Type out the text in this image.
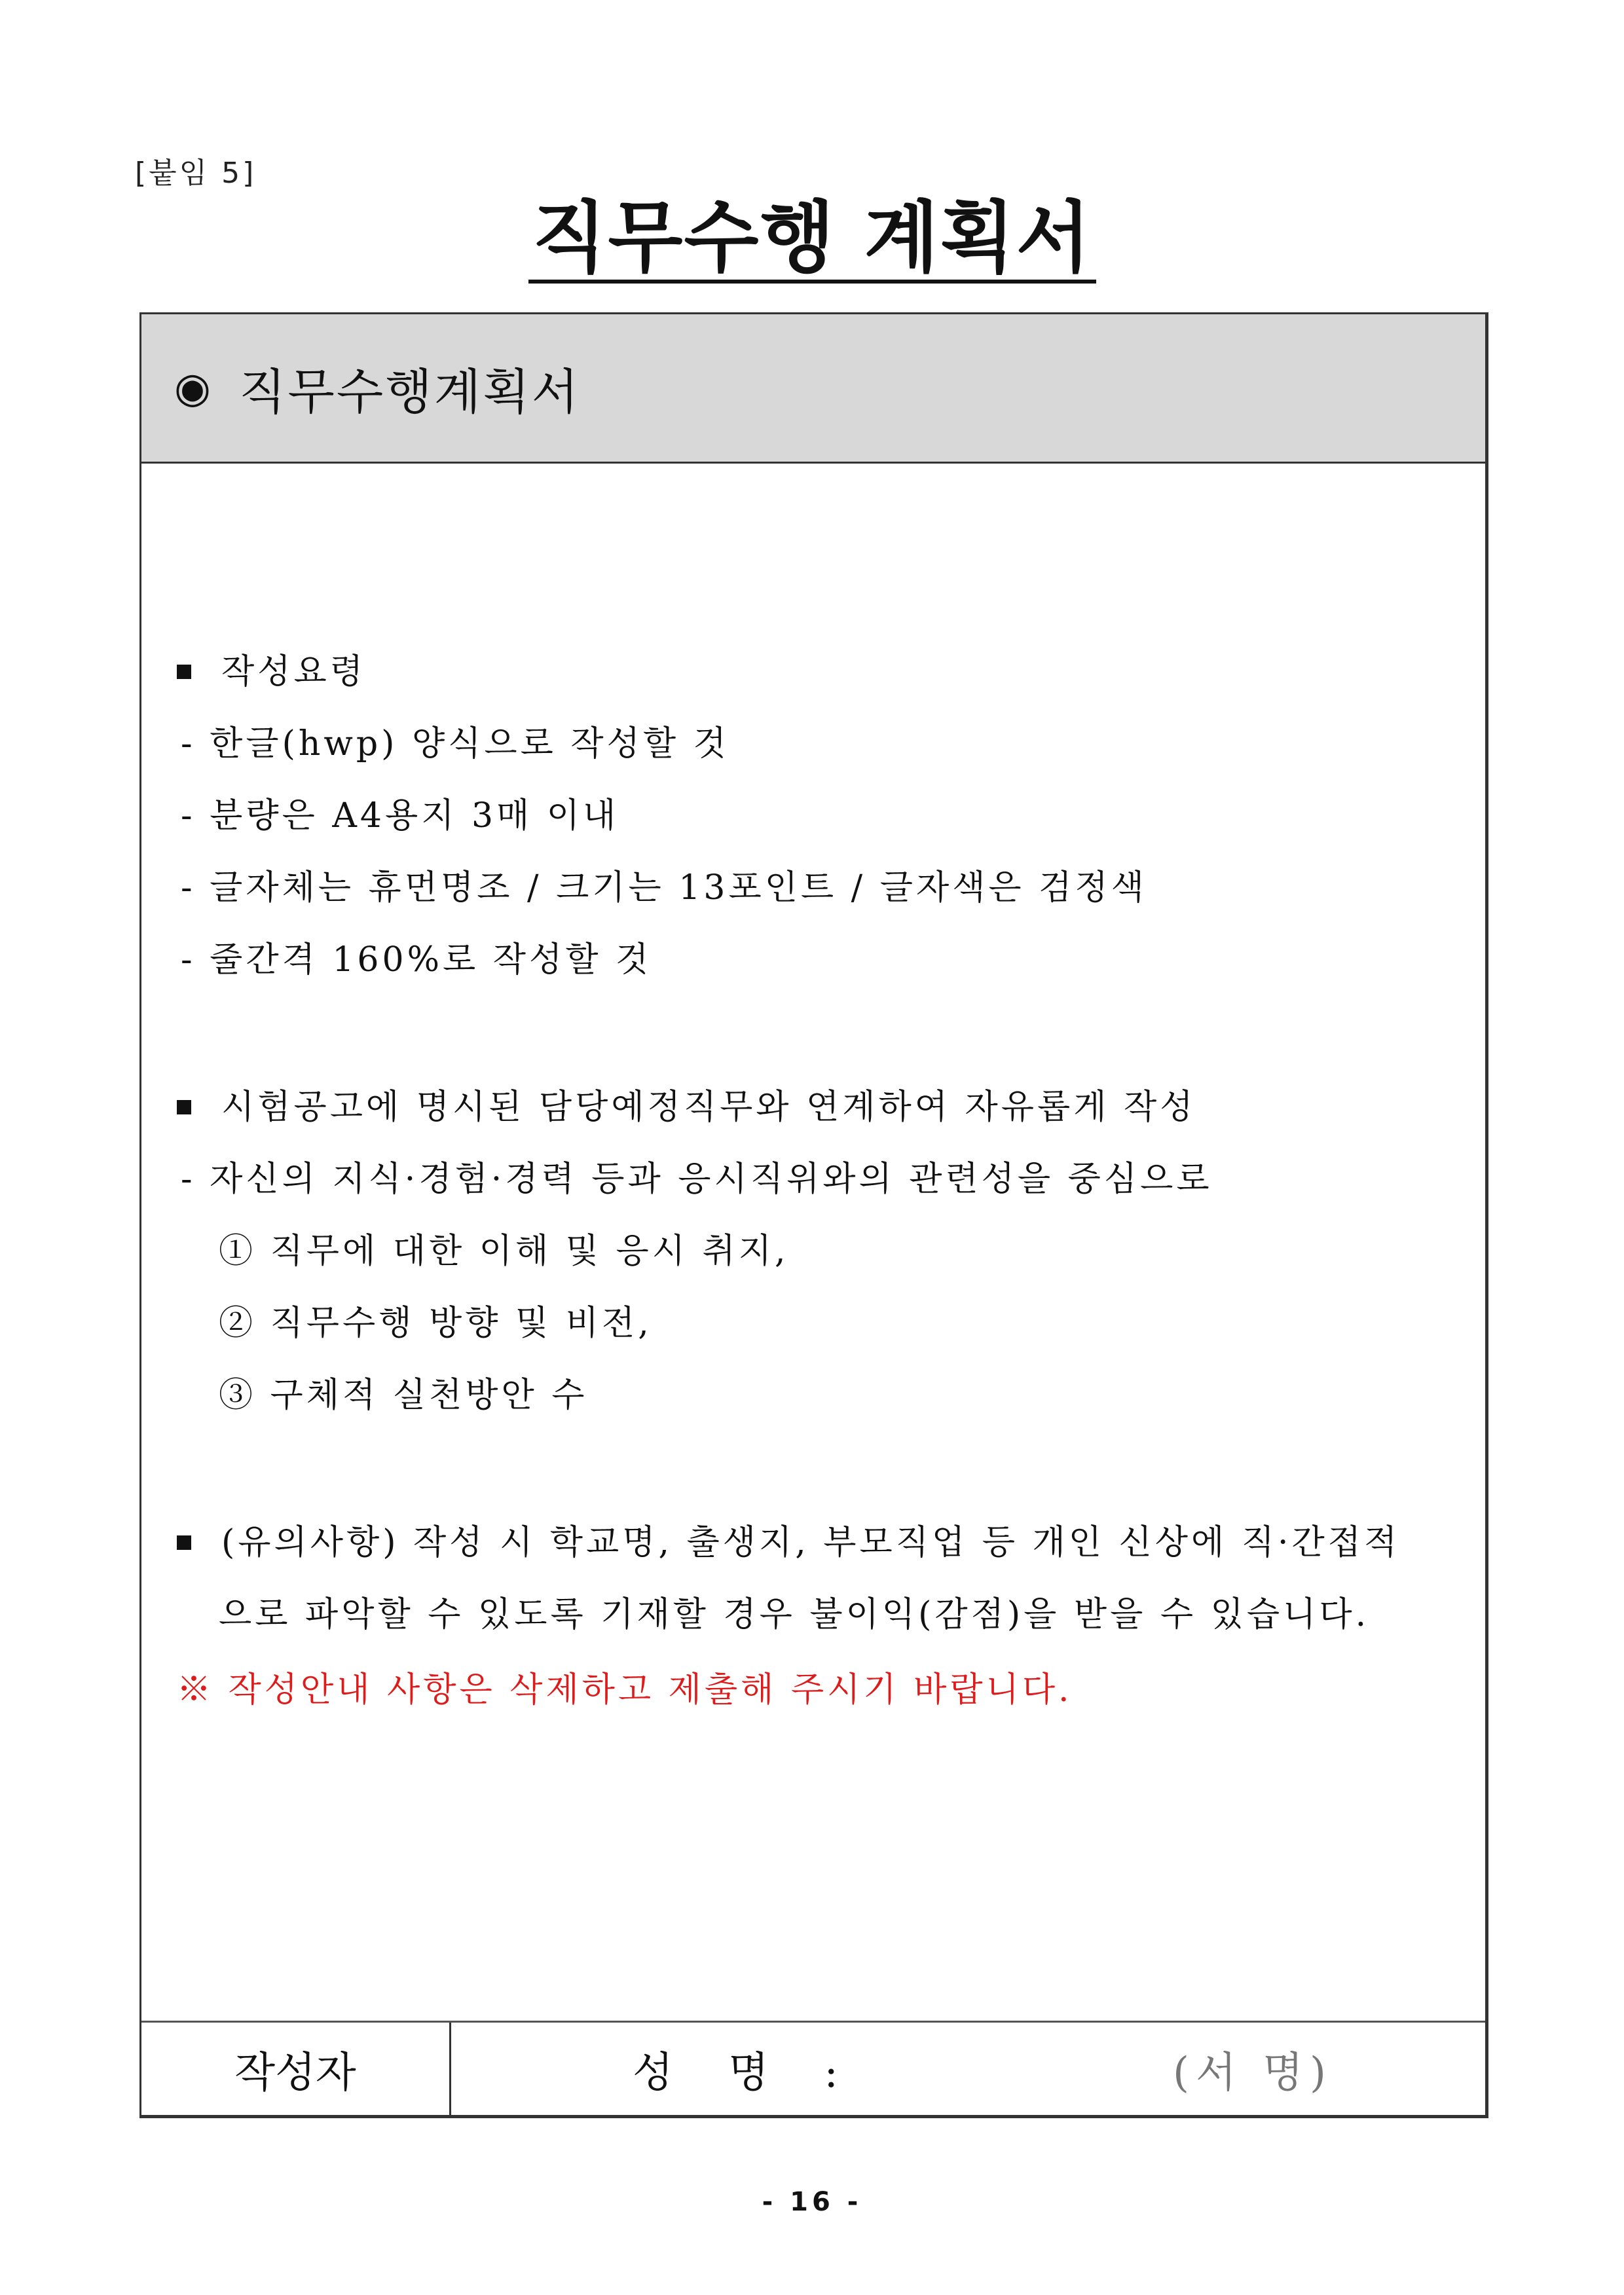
[붙임 5]
직무수행 계획서
◉ 직무수행계획서
작성요령
- 한글(hwp) 양식으로 작성할 것
- 분량은 A4용지 3매 이내
- 글자체는 휴먼명조 / 크기는 13포인트 / 글자색은 검정색
- 줄간격 160%로 작성할 것
시험공고에 명시된 담당예정직무와 연계하여 자유롭게 작성
- 자신의 지식·경험·경력 등과 응시직위와의 관련성을 중심으로
① 직무에 대한 이해 및 응시 취지,
② 직무수행 방향 및 비전,
③ 구체적 실천방안 수
(유의사항) 작성 시 학교명, 출생지, 부모직업 등 개인 신상에 직·간접적
으로 파악할 수 있도록 기재할 경우 불이익(감점)을 받을 수 있습니다.
※ 작성안내 사항은 삭제하고 제출해 주시기 바랍니다.
작성자	성 명 :	(서 명)
- 16 -
